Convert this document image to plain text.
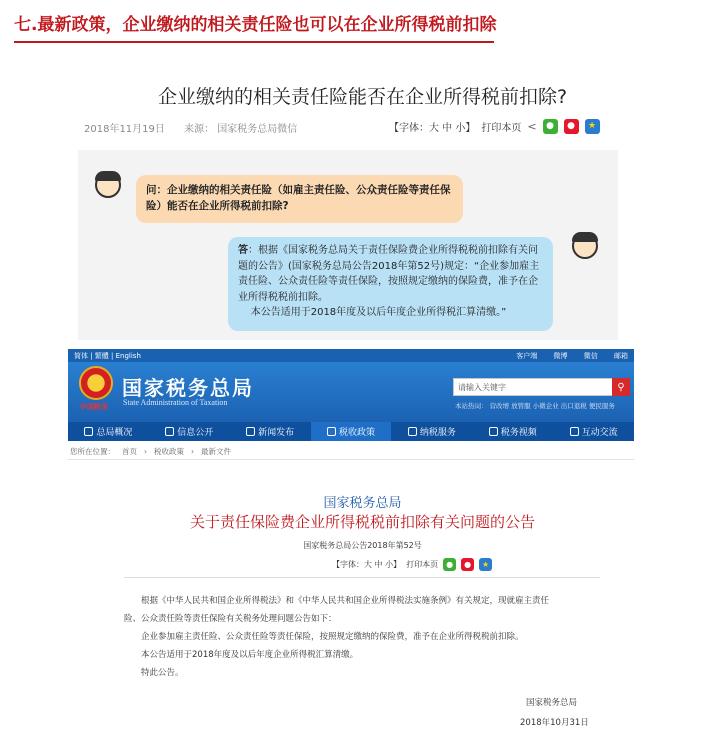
七.最新政策，企业缴纳的相关责任险也可以在企业所得税前扣除
企业缴纳的相关责任险能否在企业所得税前扣除?
2018年11月19日 来源： 国家税务总局微信	【字体：大 中 小】 打印本页 <	●	●	★
问：企业缴纳的相关责任险（如雇主责任险、公众责任险等责任保险）能否在企业所得税前扣除?
答：根据《国家税务总局关于责任保险费企业所得税税前扣除有关问题的公告》(国家税务总局公告2018年第52号)规定：“企业参加雇主责任险、公众责任险等责任保险，按照规定缴纳的保险费，准予在企业所得税税前扣除。
本公告适用于2018年度及以后年度企业所得税汇算清缴。”
简体 | 繁體 | English	客户端 微博 微信 邮箱
中国税务
国家税务总局
State Administration of Taxation
请输入关键字	⚲
本站热词： 营改增 放管服 小微企业 出口退税 便民服务
总局概况	信息公开	新闻发布	税收政策	纳税服务	税务视频	互动交流
您所在位置： 首页 › 税收政策 › 最新文件
国家税务总局
关于责任保险费企业所得税税前扣除有关问题的公告
国家税务总局公告2018年第52号
【字体：大 中 小】 打印本页	●	●	★

根据《中华人民共和国企业所得税法》和《中华人民共和国企业所得税法实施条例》有关规定，现就雇主责任

险、公众责任险等责任保险有关税务处理问题公告如下：

企业参加雇主责任险、公众责任险等责任保险，按照规定缴纳的保险费，准予在企业所得税税前扣除。

本公告适用于2018年度及以后年度企业所得税汇算清缴。

特此公告。

国家税务总局
2018年10月31日
